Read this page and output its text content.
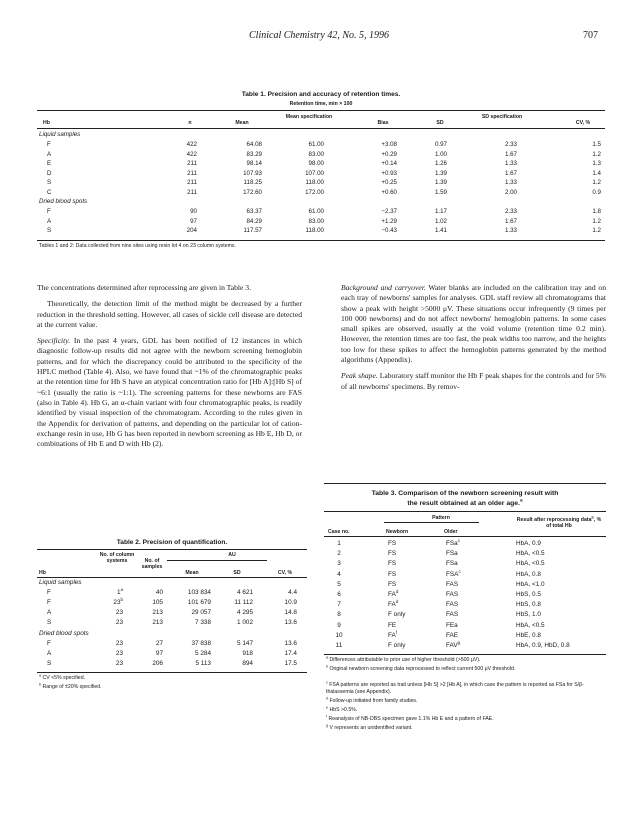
Clinical Chemistry 42, No. 5, 1996	707
Table 1. Precision and accuracy of retention times.
Retention time, min × 100
Hb	n	Mean
Mean specification
Bias	SD
SD specification
CV, %
Liquid samples
F	422	64.08	61.00	+3.08	0.97	2.33	1.5
A	422	83.29	83.00	+0.29	1.00	1.67	1.2
E	211	98.14	98.00	+0.14	1.26	1.33	1.3
D	211	107.93	107.00	+0.93	1.39	1.67	1.4
S	211	118.25	118.00	+0.25	1.39	1.33	1.2
C	211	172.60	172.00	+0.60	1.59	2.00	0.9
Dried blood spots
F	90	63.37	61.00	−2.37	1.17	2.33	1.8
A	97	84.29	83.00	+1.29	1.02	1.67	1.2
S	204	117.57	118.00	−0.43	1.41	1.33	1.2
Tables 1 and 2: Data collected from nine sites using resin lot 4 on 23 column systems.

The concentrations determined after reprocessing are given in Table 3.

Theoretically, the detection limit of the method might be decreased by a further reduction in the threshold setting. However, all cases of sickle cell disease are detected at the current value.

Specificity. In the past 4 years, GDL has been notified of 12 instances in which diagnostic follow-up results did not agree with the newborn screening hemoglobin patterns, and for which the discrepancy could be attributed to the specificity of the HPLC method (Table 4). Also, we have found that ~1% of the chromatographic peaks at the retention time for Hb S have an atypical concentration ratio for [Hb A]:[Hb S] of ~6:1 (usually the ratio is ~1:1). The screening patterns for these newborns are FAS (also in Table 4). Hb G, an α-chain variant with four chromatographic peaks, is readily identified by visual inspection of the chromatogram. According to the rules given in the Appendix for derivation of patterns, and depending on the particular lot of cation-exchange resin in use, Hb G has been reported in newborn screening as Hb E, Hb D, or combinations of Hb E and D with Hb (2).

Background and carryover. Water blanks are included on the calibration tray and on each tray of newborns' samples for analyses. GDL staff review all chromatograms that show a peak with height >5000 μV. These situations occur infrequently (9 times per 100 000 newborns) and do not affect newborns' hemoglobin patterns. In some cases small spikes are observed, usually at the void volume (retention time 0.2 min). However, the retention times are too fast, the peak widths too narrow, and the heights too low for these spikes to affect the hemoglobin patterns generated by the method algorithms (Appendix).

Peak shape. Laboratory staff monitor the Hb F peak shapes for the controls and for 5% of all newborns' specimens. By remov-

Table 2. Precision of quantification.
Hb
No. of column systems	No. of samples
AU
Mean	SD	CV, %
Liquid samples
F	1$^a$	40	103 834	4 621	4.4
F	23$^b$	105	101 679	11 112	10.9
A	23	213	29 057	4 295	14.8
S	23	213	7 338	1 002	13.6
Dried blood spots
F	23	27	37 838	5 147	13.6
A	23	97	5 284	918	17.4
S	23	206	5 113	894	17.5
$^a$ CV <5% specified.
$^b$ Range of ±20% specified.
Table 3. Comparison of the newborn screening result with
the result obtained at an older age.$^a$
Case no.
Pattern
Newborn	Older
Result after reprocessing data$^b$, % of total Hb
1	FS	FSa$^c$	HbA, 0.9
2	FS	FSa	HbA, <0.5
3	FS	FSa	HbA, <0.5
4	FS	FSA$^c$	HbA, 0.8
5	FS	FAS	HbA, <1.0
6	$FA^d$	FAS	HbS, 0.5
7	$FA^d$	FAS	HbS, 0.8
8	F only	FAS	HbS, 1.0
9	FE	FEa	HbA, <0.5
10	$FA^f$	FAE	HbE, 0.8
11	F only	FAV$^g$	HbA, 0.9, HbD, 0.8
$^a$ Differences attributable to prior use of higher threshold (>500 μV).
$^b$ Original newborn screening data reprocessed to reflect current 500 μV threshold.
$^c$ FSA patterns are reported as trait unless [Hb S] >2 [Hb A], in which case the pattern is reported as FSa for S/β-thalassemia (see Appendix).
$^d$ Follow-up initiated from family studies.
$^e$ HbS >0.5%.
$^f$ Reanalysis of NB-DBS specimen gave 1.1% Hb E and a pattern of FAE.
$^g$ V represents an unidentified variant.
